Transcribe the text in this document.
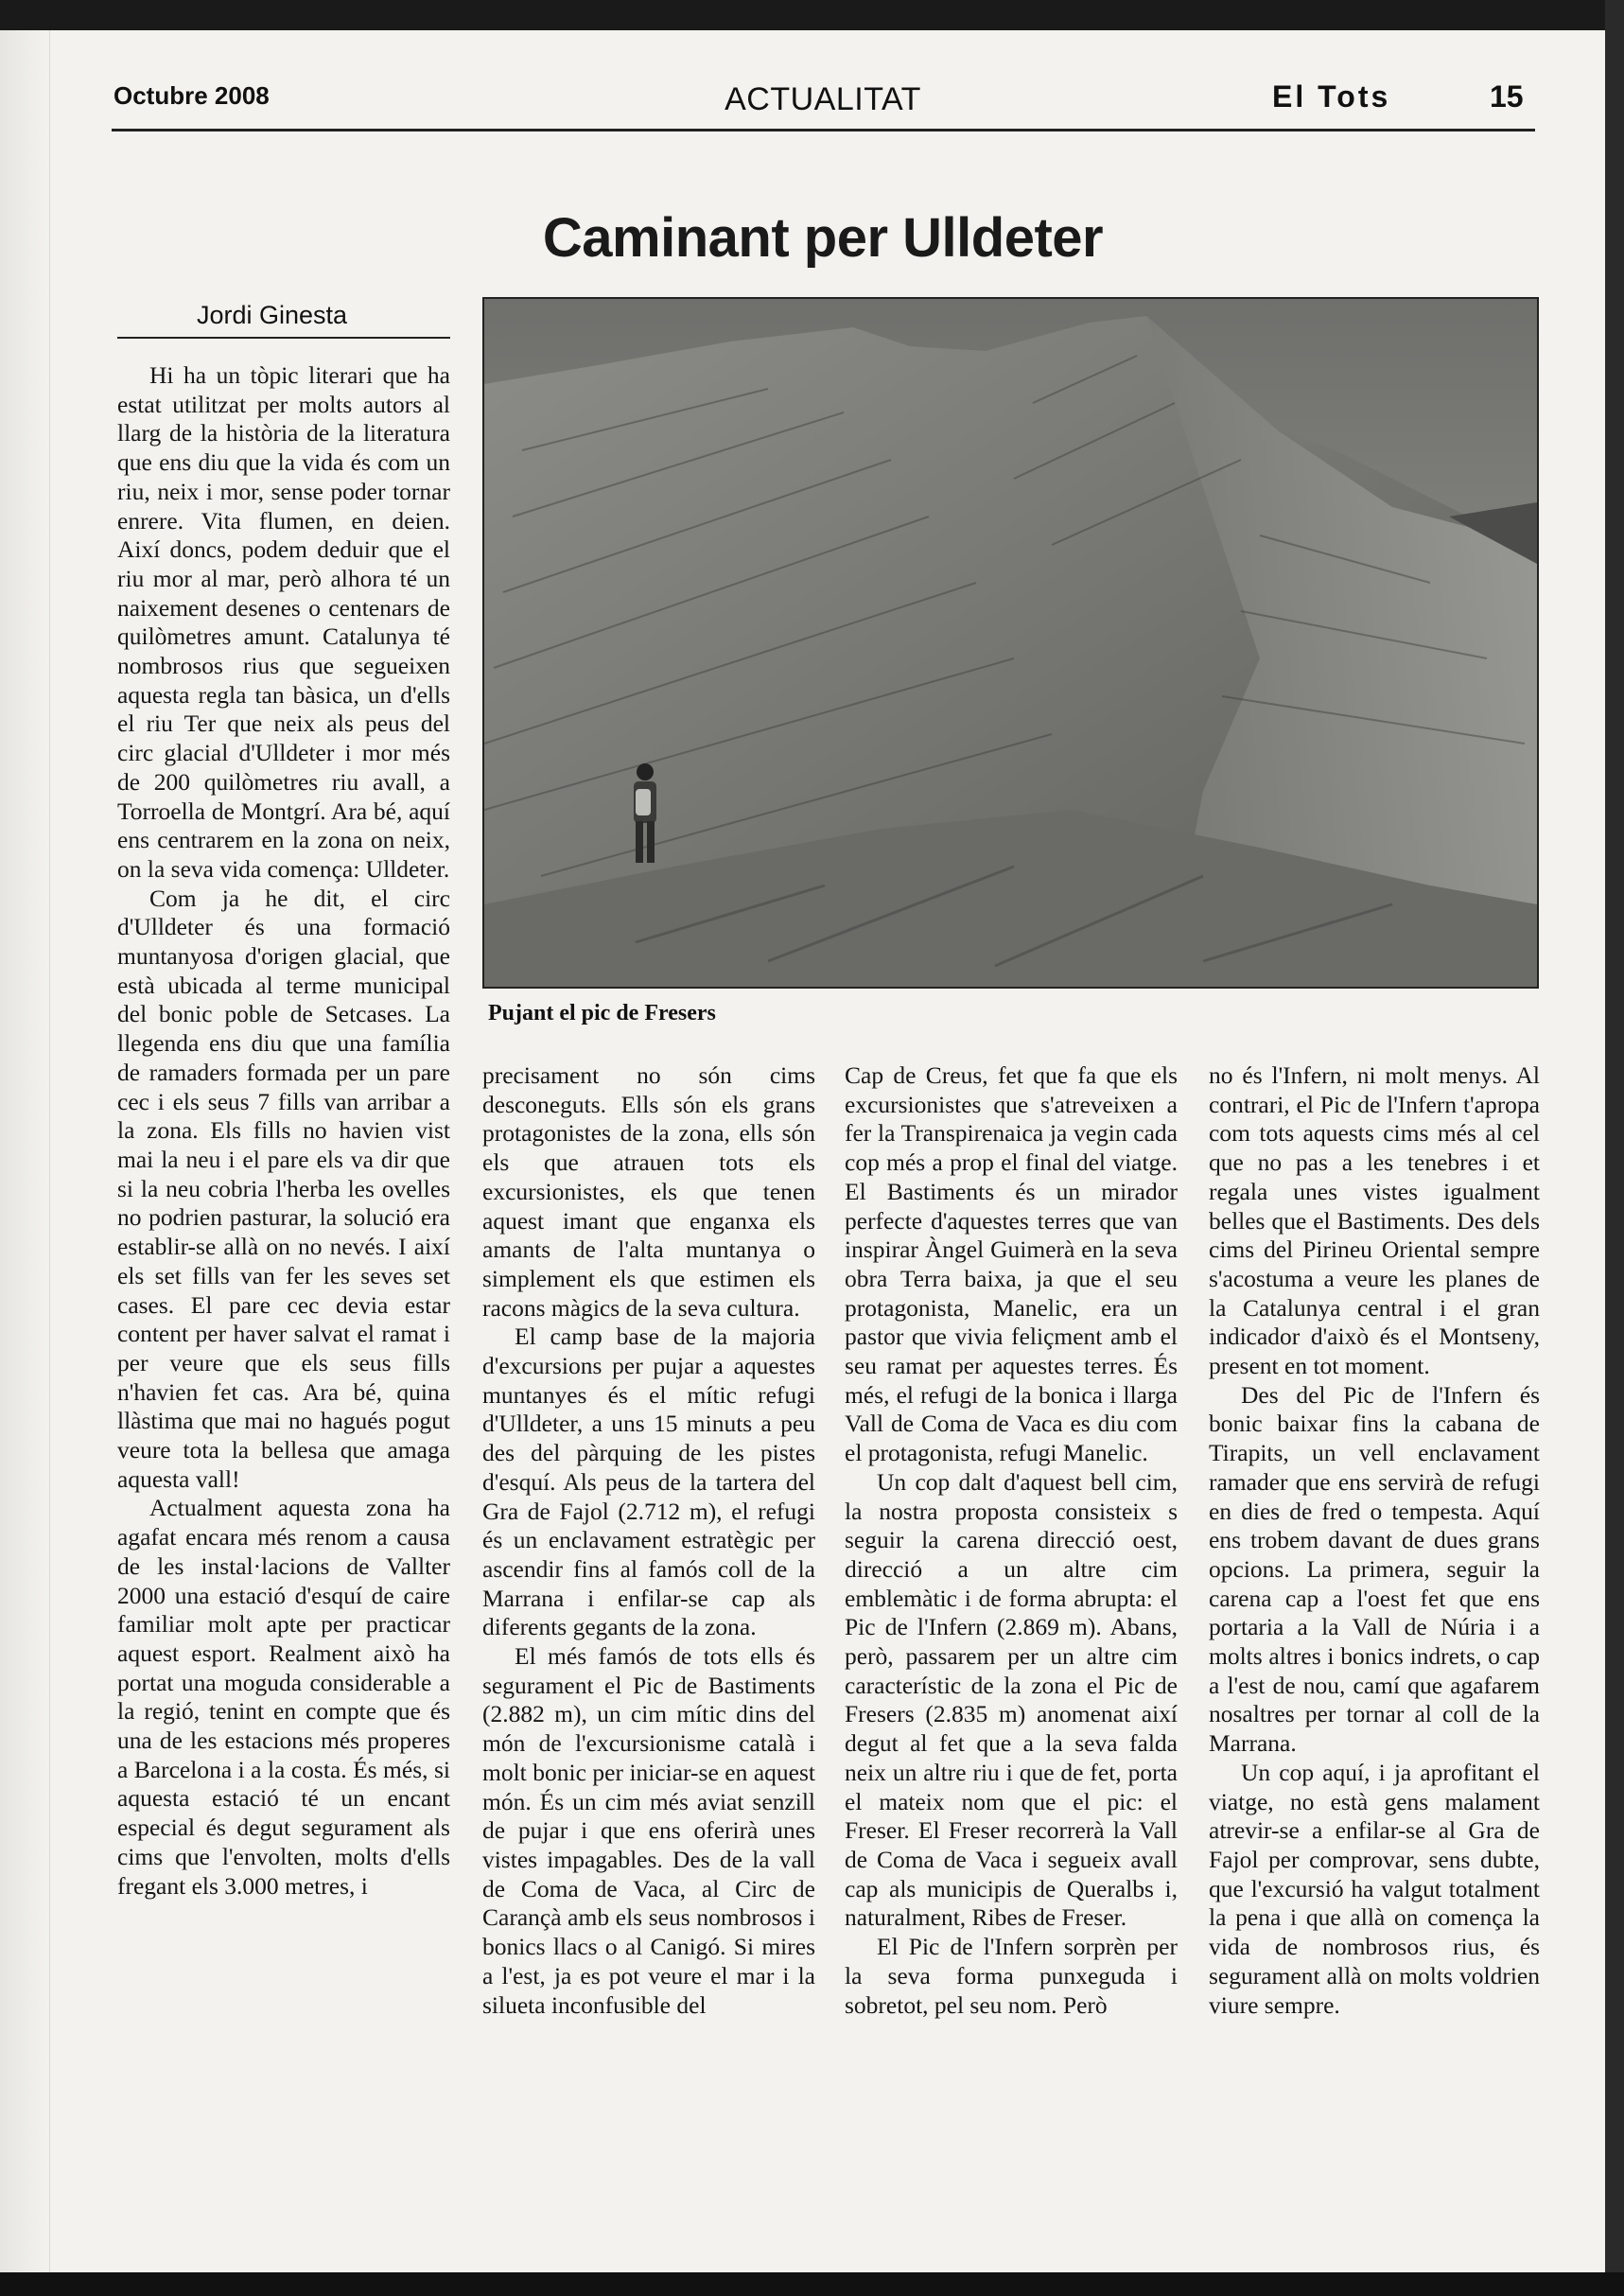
Octubre 2008	ACTUALITAT	El Tots	15
Caminant per Ulldeter
Jordi Ginesta
Pujant el pic de Fresers

Hi ha un tòpic literari que ha estat utilitzat per molts autors al llarg de la història de la literatura que ens diu que la vida és com un riu, neix i mor, sense poder tornar enrere. Vita flumen, en deien. Així doncs, podem deduir que el riu mor al mar, però alhora té un naixement desenes o centenars de quilòmetres amunt. Catalunya té nombrosos rius que segueixen aquesta regla tan bàsica, un d'ells el riu Ter que neix als peus del circ glacial d'Ulldeter i mor més de 200 quilòmetres riu avall, a Torroella de Montgrí. Ara bé, aquí ens centrarem en la zona on neix, on la seva vida comença: Ulldeter.

Com ja he dit, el circ d'Ulldeter és una formació muntanyosa d'origen glacial, que està ubicada al terme municipal del bonic poble de Setcases. La llegenda ens diu que una família de ramaders formada per un pare cec i els seus 7 fills van arribar a la zona. Els fills no havien vist mai la neu i el pare els va dir que si la neu cobria l'herba les ovelles no podrien pasturar, la solució era establir-se allà on no nevés. I així els set fills van fer les seves set cases. El pare cec devia estar content per haver salvat el ramat i per veure que els seus fills n'havien fet cas. Ara bé, quina llàstima que mai no hagués pogut veure tota la bellesa que amaga aquesta vall!

Actualment aquesta zona ha agafat encara més renom a causa de les instal·lacions de Vallter 2000 una estació d'esquí de caire familiar molt apte per practicar aquest esport. Realment això ha portat una moguda considerable a la regió, tenint en compte que és una de les estacions més properes a Barcelona i a la costa. És més, si aquesta estació té un encant especial és degut segurament als cims que l'envolten, molts d'ells fregant els 3.000 metres, i

precisament no són cims desconeguts. Ells són els grans protagonistes de la zona, ells són els que atrauen tots els excursionistes, els que tenen aquest imant que enganxa els amants de l'alta muntanya o simplement els que estimen els racons màgics de la seva cultura.

El camp base de la majoria d'excursions per pujar a aquestes muntanyes és el mític refugi d'Ulldeter, a uns 15 minuts a peu des del pàrquing de les pistes d'esquí. Als peus de la tartera del Gra de Fajol (2.712 m), el refugi és un enclavament estratègic per ascendir fins al famós coll de la Marrana i enfilar-se cap als diferents gegants de la zona.

El més famós de tots ells és segurament el Pic de Bastiments (2.882 m), un cim mític dins del món de l'excursionisme català i molt bonic per iniciar-se en aquest món. És un cim més aviat senzill de pujar i que ens oferirà unes vistes impagables. Des de la vall de Coma de Vaca, al Circ de Carançà amb els seus nombrosos i bonics llacs o al Canigó. Si mires a l'est, ja es pot veure el mar i la silueta inconfusible del

Cap de Creus, fet que fa que els excursionistes que s'atreveixen a fer la Transpirenaica ja vegin cada cop més a prop el final del viatge. El Bastiments és un mirador perfecte d'aquestes terres que van inspirar Àngel Guimerà en la seva obra Terra baixa, ja que el seu protagonista, Manelic, era un pastor que vivia feliçment amb el seu ramat per aquestes terres. És més, el refugi de la bonica i llarga Vall de Coma de Vaca es diu com el protagonista, refugi Manelic.

Un cop dalt d'aquest bell cim, la nostra proposta consisteix s seguir la carena direcció oest, direcció a un altre cim emblemàtic i de forma abrupta: el Pic de l'Infern (2.869 m). Abans, però, passarem per un altre cim característic de la zona el Pic de Fresers (2.835 m) anomenat així degut al fet que a la seva falda neix un altre riu i que de fet, porta el mateix nom que el pic: el Freser. El Freser recorrerà la Vall de Coma de Vaca i segueix avall cap als municipis de Queralbs i, naturalment, Ribes de Freser.

El Pic de l'Infern sorprèn per la seva forma punxeguda i sobretot, pel seu nom. Però

no és l'Infern, ni molt menys. Al contrari, el Pic de l'Infern t'apropa com tots aquests cims més al cel que no pas a les tenebres i et regala unes vistes igualment belles que el Bastiments. Des dels cims del Pirineu Oriental sempre s'acostuma a veure les planes de la Catalunya central i el gran indicador d'això és el Montseny, present en tot moment.

Des del Pic de l'Infern és bonic baixar fins la cabana de Tirapits, un vell enclavament ramader que ens servirà de refugi en dies de fred o tempesta. Aquí ens trobem davant de dues grans opcions. La primera, seguir la carena cap a l'oest fet que ens portaria a la Vall de Núria i a molts altres i bonics indrets, o cap a l'est de nou, camí que agafarem nosaltres per tornar al coll de la Marrana.

Un cop aquí, i ja aprofitant el viatge, no està gens malament atrevir-se a enfilar-se al Gra de Fajol per comprovar, sens dubte, que l'excursió ha valgut totalment la pena i que allà on comença la vida de nombrosos rius, és segurament allà on molts voldrien viure sempre.
